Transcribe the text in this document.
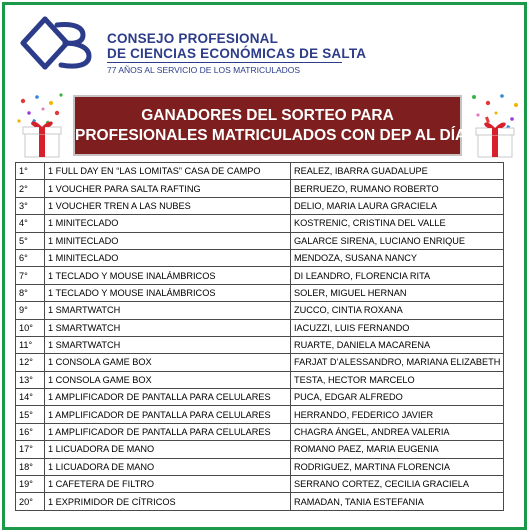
CONSEJO PROFESIONAL
DE CIENCIAS ECONÓMICAS DE SALTA
77 AÑOS AL SERVICIO DE LOS MATRICULADOS
GANADORES DEL SORTEO PARA
PROFESIONALES MATRICULADOS CON DEP AL DÍA
1°	1 FULL DAY EN “LAS LOMITAS” CASA DE CAMPO	REALEZ, IBARRA GUADALUPE
2°	1 VOUCHER PARA SALTA RAFTING	BERRUEZO, RUMANO ROBERTO
3°	1 VOUCHER TREN A LAS NUBES	DELIO, MARIA LAURA GRACIELA
4°	1 MINITECLADO	KOSTRENIC, CRISTINA DEL VALLE
5°	1 MINITECLADO	GALARCE SIRENA, LUCIANO ENRIQUE
6°	1 MINITECLADO	MENDOZA, SUSANA NANCY
7°	1 TECLADO Y MOUSE INALÁMBRICOS	DI LEANDRO, FLORENCIA RITA
8°	1 TECLADO Y MOUSE INALÁMBRICOS	SOLER, MIGUEL HERNAN
9°	1 SMARTWATCH	ZUCCO, CINTIA ROXANA
10°	1 SMARTWATCH	IACUZZI, LUIS FERNANDO
11°	1 SMARTWATCH	RUARTE, DANIELA MACARENA
12°	1 CONSOLA GAME BOX	FARJAT D’ALESSANDRO, MARIANA ELIZABETH
13°	1 CONSOLA GAME BOX	TESTA, HECTOR MARCELO
14°	1 AMPLIFICADOR DE PANTALLA PARA CELULARES	PUCA, EDGAR ALFREDO
15°	1 AMPLIFICADOR DE PANTALLA PARA CELULARES	HERRANDO, FEDERICO JAVIER
16°	1 AMPLIFICADOR DE PANTALLA PARA CELULARES	CHAGRA ÁNGEL, ANDREA VALERIA
17°	1 LICUADORA DE MANO	ROMANO PAEZ, MARIA EUGENIA
18°	1 LICUADORA DE MANO	RODRIGUEZ, MARTINA FLORENCIA
19°	1 CAFETERA DE FILTRO	SERRANO CORTEZ, CECILIA GRACIELA
20°	1 EXPRIMIDOR DE CÍTRICOS	RAMADAN, TANIA ESTEFANIA
